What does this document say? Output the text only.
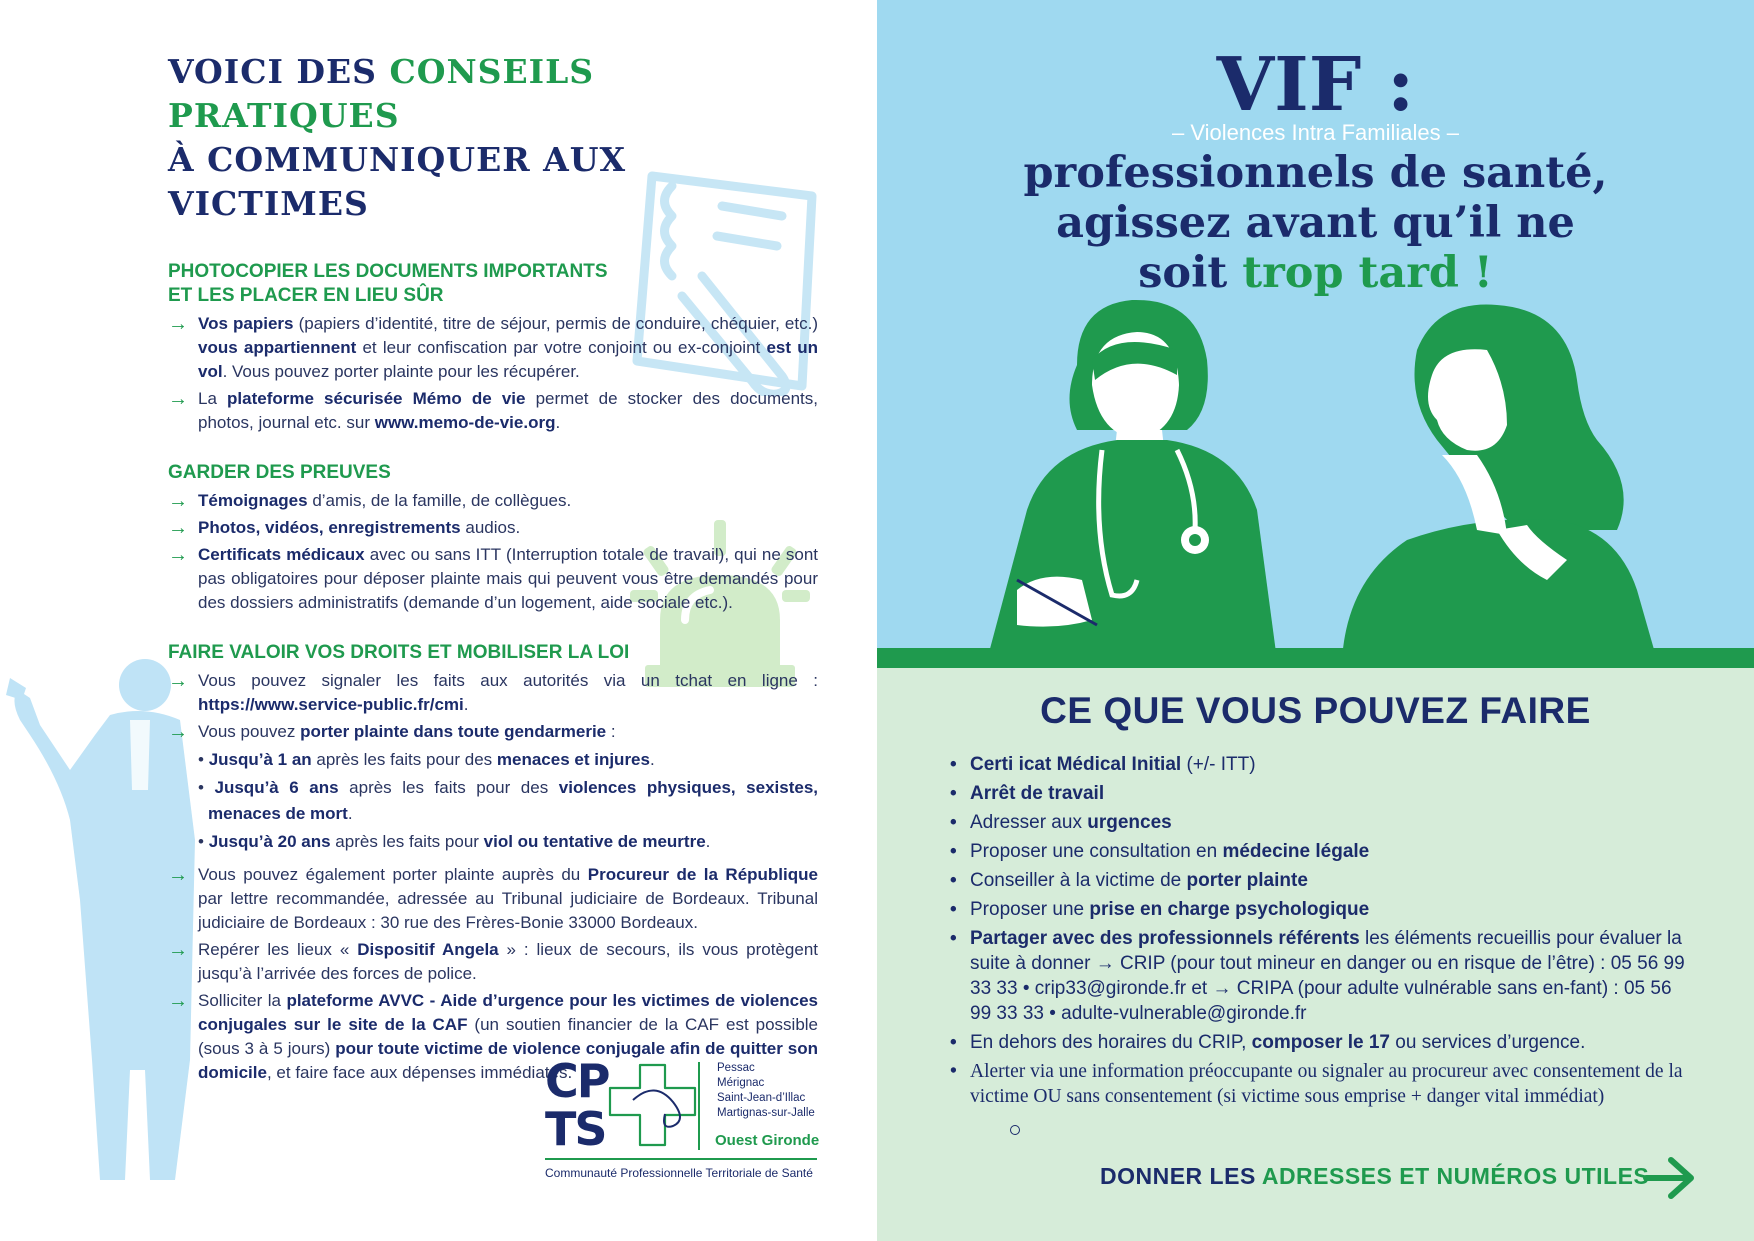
VOICI DES CONSEILS PRATIQUES
À COMMUNIQUER AUX VICTIMES
PHOTOCOPIER LES DOCUMENTS IMPORTANTS
ET LES PLACER EN LIEU SÛR
→ Vos papiers (papiers d’identité, titre de séjour, permis de conduire, chéquier, etc.) vous appartiennent et leur confiscation par votre conjoint ou ex-conjoint est un vol. Vous pouvez porter plainte pour les récupérer.
→ La plateforme sécurisée Mémo de vie permet de stocker des documents, photos, journal etc. sur www.memo-de-vie.org.
GARDER DES PREUVES
→ Témoignages d’amis, de la famille, de collègues.
→ Photos, vidéos, enregistrements audios.
→ Certificats médicaux avec ou sans ITT (Interruption totale de travail), qui ne sont pas obligatoires pour déposer plainte mais qui peuvent vous être demandés pour des dossiers administratifs (demande d’un logement, aide sociale etc.).
FAIRE VALOIR VOS DROITS ET MOBILISER LA LOI
→ Vous pouvez signaler les faits aux autorités via un tchat en ligne : https://www.service-public.fr/cmi.
→ Vous pouvez porter plainte dans toute gendarmerie :
• Jusqu’à 1 an après les faits pour des menaces et injures.
• Jusqu’à 6 ans après les faits pour des violences physiques, sexistes, menaces de mort.
• Jusqu’à 20 ans après les faits pour viol ou tentative de meurtre.
→ Vous pouvez également porter plainte auprès du Procureur de la République par lettre recommandée, adressée au Tribunal judiciaire de Bordeaux. Tribunal judiciaire de Bordeaux : 30 rue des Frères-Bonie 33000 Bordeaux.
→ Repérer les lieux « Dispositif Angela » : lieux de secours, ils vous protègent jusqu’à l’arrivée des forces de police.
→ Solliciter la plateforme AVVC - Aide d’urgence pour les victimes de violences conjugales sur le site de la CAF (un soutien financier de la CAF est possible (sous 3 à 5 jours) pour toute victime de violence conjugale afin de quitter son domicile, et faire face aux dépenses immédiates.
CP
TS
Pessac
Mérignac
Saint-Jean-d’Illac
Martignas-sur-Jalle
Ouest Gironde
Communauté Professionnelle Territoriale de Santé
VIF :
– Violences Intra Familiales –
professionnels de santé,
agissez avant qu’il ne
soit trop tard !
CE QUE VOUS POUVEZ FAIRE
• Certi icat Médical Initial (+/- ITT)
• Arrêt de travail
• Adresser aux urgences
• Proposer une consultation en médecine légale
• Conseiller à la victime de porter plainte
• Proposer une prise en charge psychologique
• Partager avec des professionnels référents les éléments recueillis pour évaluer la suite à donner → CRIP (pour tout mineur en danger ou en risque de l’être) : 05 56 99 33 33 • crip33@gironde.fr et → CRIPA (pour adulte vulnérable sans en-fant) : 05 56 99 33 33 • adulte-vulnerable@gironde.fr
• En dehors des horaires du CRIP, composer le 17 ou services d’urgence.
• Alerter via une information préoccupante ou signaler au procureur avec consentement de la victime OU sans consentement (si victime sous emprise + danger vital immédiat)
DONNER LES ADRESSES ET NUMÉROS UTILES
